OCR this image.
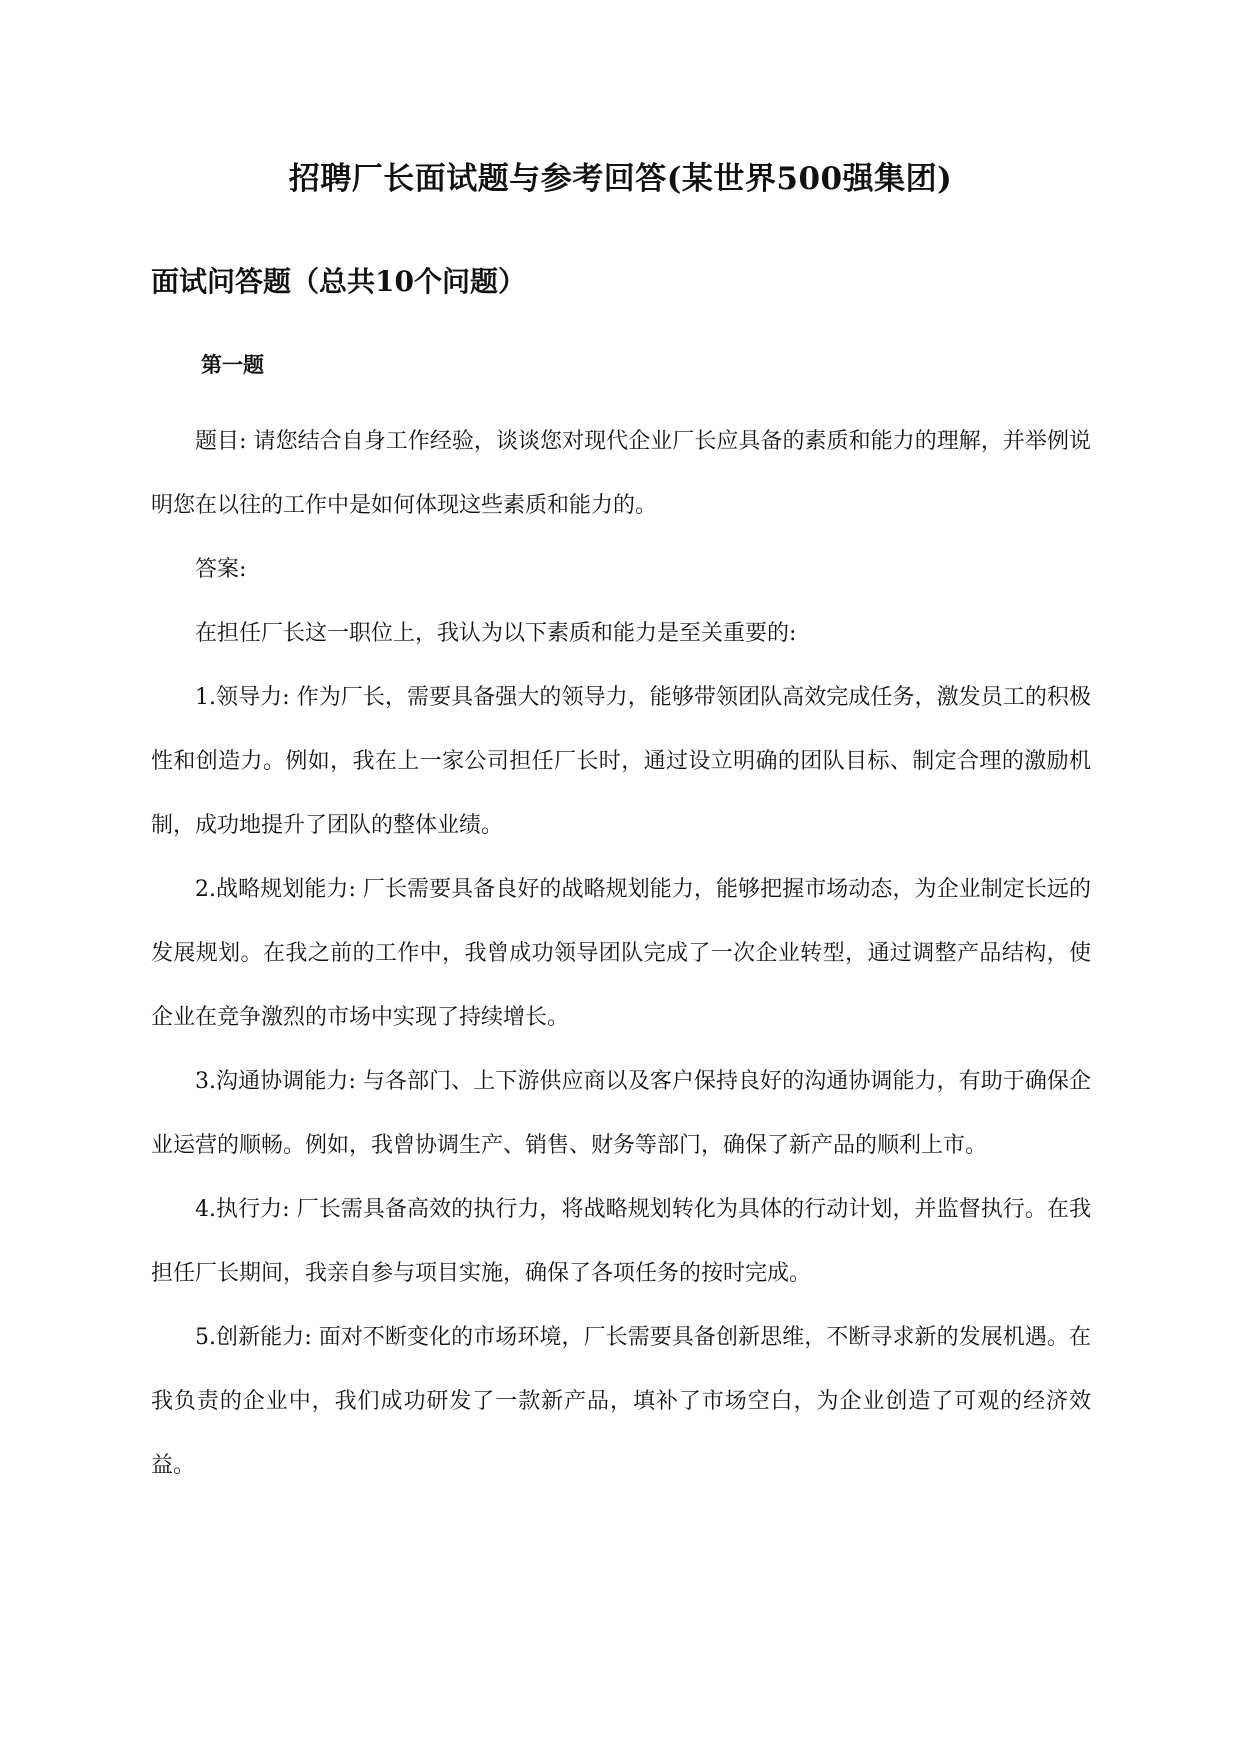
招聘厂长面试题与参考回答(某世界500强集团)
面试问答题（总共10个问题）
第一题

题目: 请您结合自身工作经验，谈谈您对现代企业厂长应具备的素质和能力的理解，并举例说明您在以往的工作中是如何体现这些素质和能力的。

答案:

在担任厂长这一职位上，我认为以下素质和能力是至关重要的:

1.领导力: 作为厂长，需要具备强大的领导力，能够带领团队高效完成任务，激发员工的积极性和创造力。例如，我在上一家公司担任厂长时，通过设立明确的团队目标、制定合理的激励机制，成功地提升了团队的整体业绩。

2.战略规划能力: 厂长需要具备良好的战略规划能力，能够把握市场动态，为企业制定长远的发展规划。在我之前的工作中，我曾成功领导团队完成了一次企业转型，通过调整产品结构，使企业在竞争激烈的市场中实现了持续增长。

3.沟通协调能力: 与各部门、上下游供应商以及客户保持良好的沟通协调能力，有助于确保企业运营的顺畅。例如，我曾协调生产、销售、财务等部门，确保了新产品的顺利上市。

4.执行力: 厂长需具备高效的执行力，将战略规划转化为具体的行动计划，并监督执行。在我担任厂长期间，我亲自参与项目实施，确保了各项任务的按时完成。

5.创新能力: 面对不断变化的市场环境，厂长需要具备创新思维，不断寻求新的发展机遇。在我负责的企业中，我们成功研发了一款新产品，填补了市场空白，为企业创造了可观的经济效益。
